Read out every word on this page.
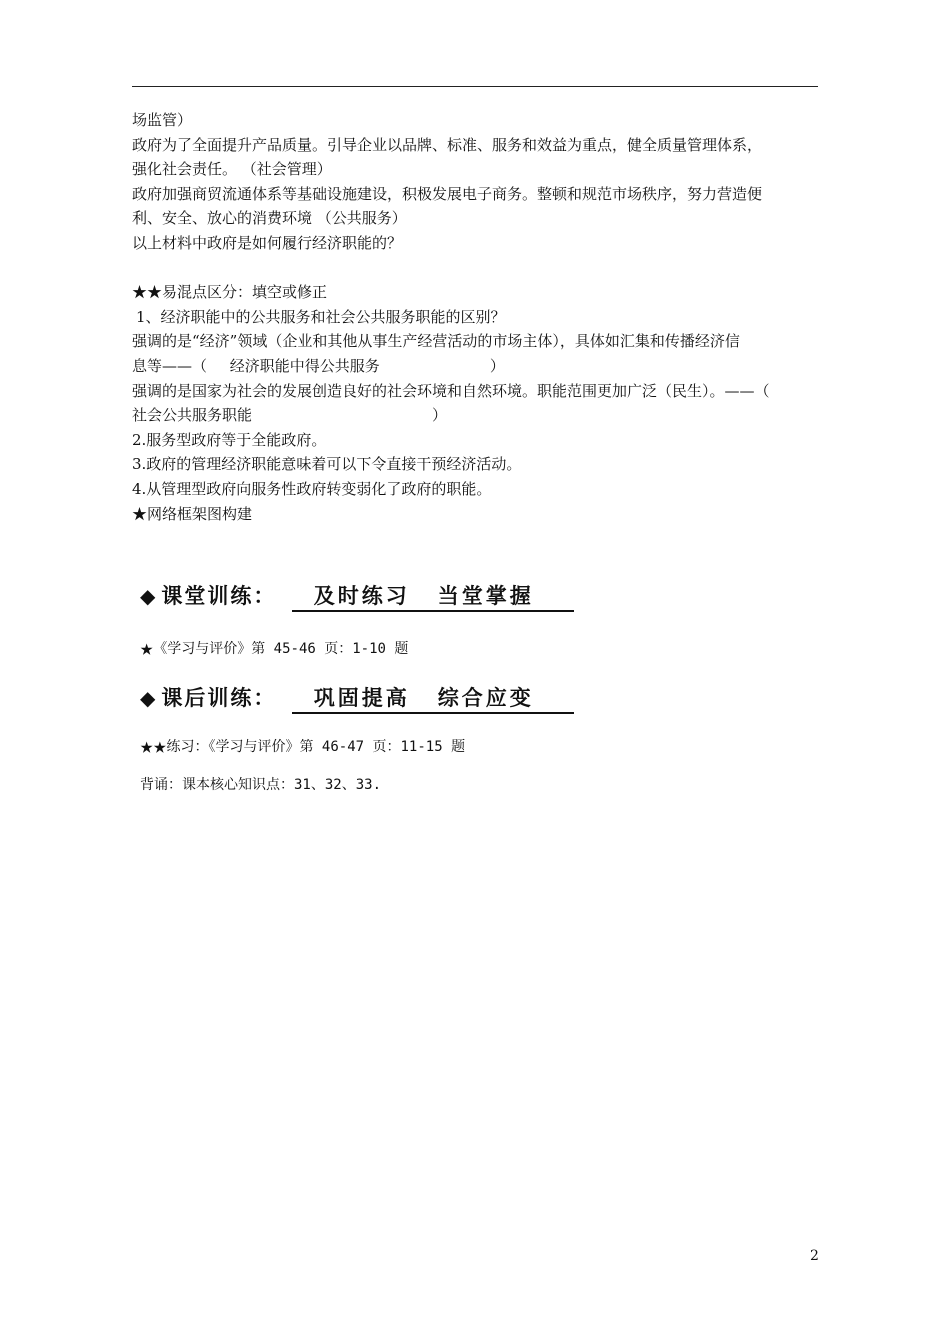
场监管）
政府为了全面提升产品质量。引导企业以品牌、标准、服务和效益为重点，健全质量管理体系，
强化社会责任。 （社会管理）
政府加强商贸流通体系等基础设施建设，积极发展电子商务。整顿和规范市场秩序，努力营造便
利、安全、放心的消费环境 （公共服务）
以上材料中政府是如何履行经济职能的？
★★易混点区分：填空或修正
1、经济职能中的公共服务和社会公共服务职能的区别？
强调的是“经济”领域（企业和其他从事生产经营活动的市场主体），具体如汇集和传播经济信
息等——（ 经济职能中得公共服务	）
强调的是国家为社会的发展创造良好的社会环境和自然环境。职能范围更加广泛（民生）。——（
社会公共服务职能	）
2.服务型政府等于全能政府。
3.政府的管理经济职能意味着可以下令直接干预经济活动。
4.从管理型政府向服务性政府转变弱化了政府的职能。
★网络框架图构建
◆ 课堂训练： 及时练习 当堂掌握
★《学习与评价》第 45-46 页：1-10 题
◆ 课后训练： 巩固提高 综合应变
★★练习：《学习与评价》第 46-47 页：11-15 题
背诵：课本核心知识点：31、32、33.
2
